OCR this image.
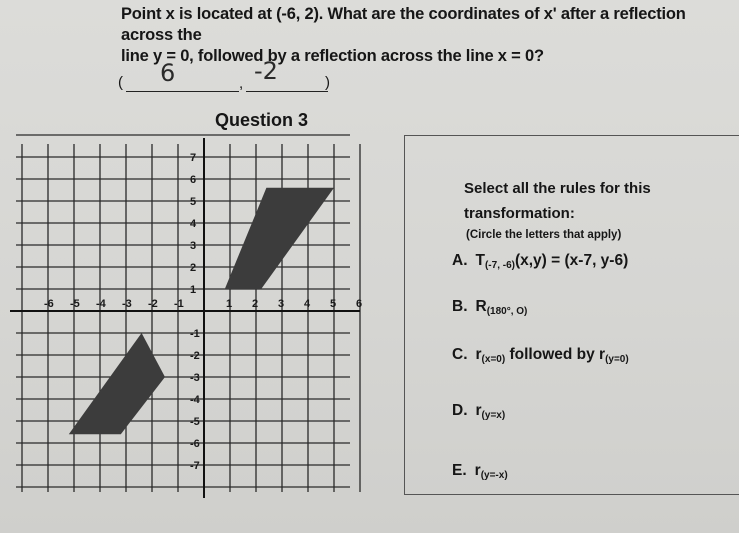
Point x is located at (-6, 2). What are the coordinates of x' after a reflection across the
line y = 0, followed by a reflection across the line x = 0?
( 6	, -2	)
Question 3
-6 -5 -4 -3 -2 -1	1 2 3 4 5 6
7
6
5
4
3
2
1
-1
-2
-3
-4
-5
-6
-7
Select all the rules for this
transformation:
(Circle the letters that apply)
A. T(-7, -6)(x,y) = (x-7, y-6)
B. R(180°, O)
C. r(x=0) followed by r(y=0)
D. r(y=x)
E. r(y=-x)
